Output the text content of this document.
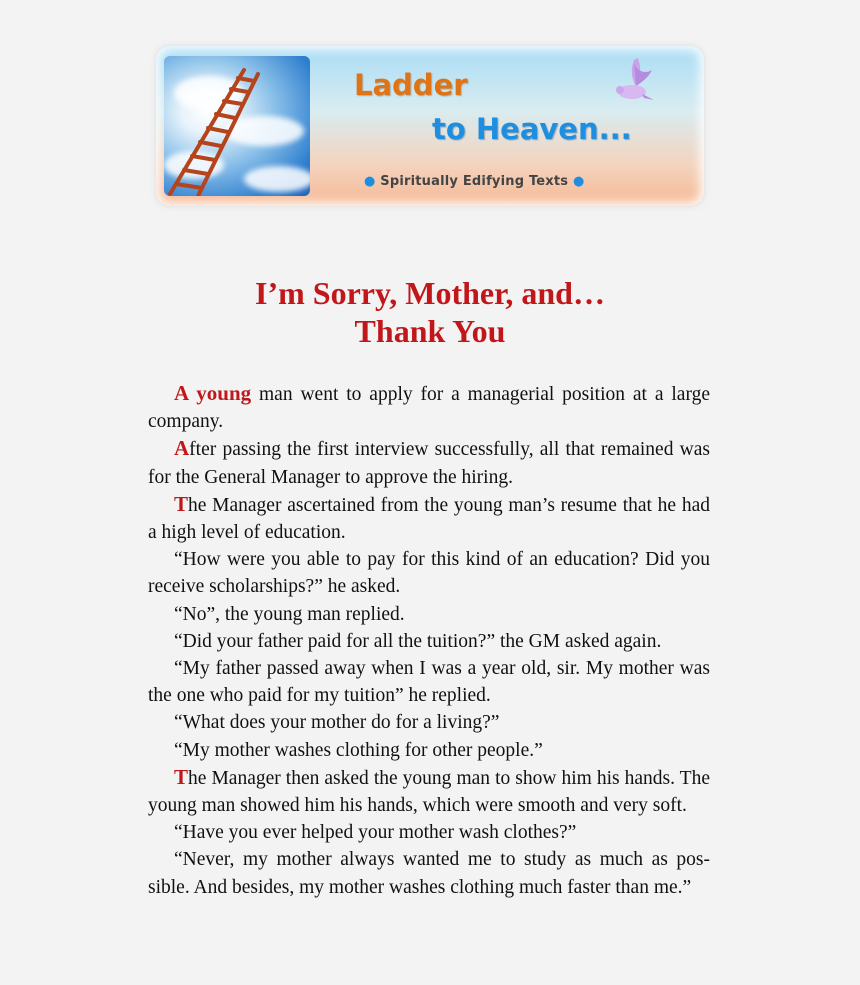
Ladder
to Heaven...
● Spiritually Edifying Texts ●
I’m Sorry, Mother, and…
Thank You

A young man went to apply for a managerial position at a large company.

After passing the first interview successfully, all that remained was for the General Manager to approve the hiring.

The Manager ascertained from the young man’s resume that he had a high level of education.

“How were you able to pay for this kind of an education? Did you receive scholarships?” he asked.

“No”, the young man replied.

“Did your father paid for all the tuition?” the GM asked again.

“My father passed away when I was a year old, sir. My mother was the one who paid for my tuition” he replied.

“What does your mother do for a living?”

“My mother washes clothing for other people.”

The Manager then asked the young man to show him his hands. The young man showed him his hands, which were smooth and very soft.

“Have you ever helped your mother wash clothes?”

“Never, my mother always wanted me to study as much as pos-sible. And besides, my mother washes clothing much faster than me.”
